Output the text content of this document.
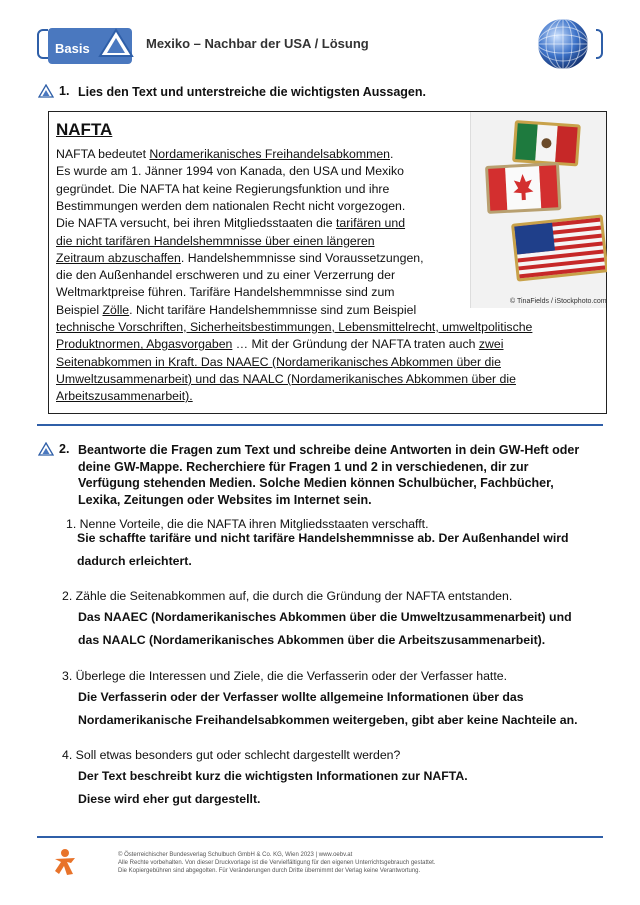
Basis	Mexiko – Nachbar der USA / Lösung
1. Lies den Text und unterstreiche die wichtigsten Aussagen.
NAFTA
NAFTA bedeutet Nordamerikanisches Freihandelsabkommen.
Es wurde am 1. Jänner 1994 von Kanada, den USA und Mexiko
gegründet. Die NAFTA hat keine Regierungsfunktion und ihre
Bestimmungen werden dem nationalen Recht nicht vorgezogen.
Die NAFTA versucht, bei ihren Mitgliedsstaaten die tarifären und
die nicht tarifären Handelshemmnisse über einen längeren
Zeitraum abzuschaffen. Handelshemmnisse sind Voraussetzungen,
die den Außenhandel erschweren und zu einer Verzerrung der
Weltmarktpreise führen. Tarifäre Handelshemmnisse sind zum
Beispiel Zölle. Nicht tarifäre Handelshemmnisse sind zum Beispiel
technische Vorschriften, Sicherheitsbestimmungen, Lebensmittelrecht, umweltpolitische
Produktnormen, Abgasvorgaben … Mit der Gründung der NAFTA traten auch zwei
Seitenabkommen in Kraft. Das NAAEC (Nordamerikanisches Abkommen über die
Umweltzusammenarbeit) und das NAALC (Nordamerikanisches Abkommen über die
Arbeitszusammenarbeit).
© TinaFields / iStockphoto.com
2. Beantworte die Fragen zum Text und schreibe deine Antworten in dein GW-Heft oder
deine GW-Mappe. Recherchiere für Fragen 1 und 2 in verschiedenen, dir zur
Verfügung stehenden Medien. Solche Medien können Schulbücher, Fachbücher,
Lexika, Zeitungen oder Websites im Internet sein.
1. Nenne Vorteile, die die NAFTA ihren Mitgliedsstaaten verschafft.
Sie schaffte tarifäre und nicht tarifäre Handelshemmnisse ab. Der Außenhandel wird
dadurch erleichtert.
2. Zähle die Seitenabkommen auf, die durch die Gründung der NAFTA entstanden.
Das NAAEC (Nordamerikanisches Abkommen über die Umweltzusammenarbeit) und
das NAALC (Nordamerikanisches Abkommen über die Arbeitszusammenarbeit).
3. Überlege die Interessen und Ziele, die die Verfasserin oder der Verfasser hatte.
Die Verfasserin oder der Verfasser wollte allgemeine Informationen über das
Nordamerikanische Freihandelsabkommen weitergeben, gibt aber keine Nachteile an.
4. Soll etwas besonders gut oder schlecht dargestellt werden?
Der Text beschreibt kurz die wichtigsten Informationen zur NAFTA.
Diese wird eher gut dargestellt.
© Österreichischer Bundesverlag Schulbuch GmbH & Co. KG, Wien 2023 | www.oebv.at
Alle Rechte vorbehalten. Von dieser Druckvorlage ist die Vervielfältigung für den eigenen Unterrichtsgebrauch gestattet.
Die Kopiergebühren sind abgegolten. Für Veränderungen durch Dritte übernimmt der Verlag keine Verantwortung.
